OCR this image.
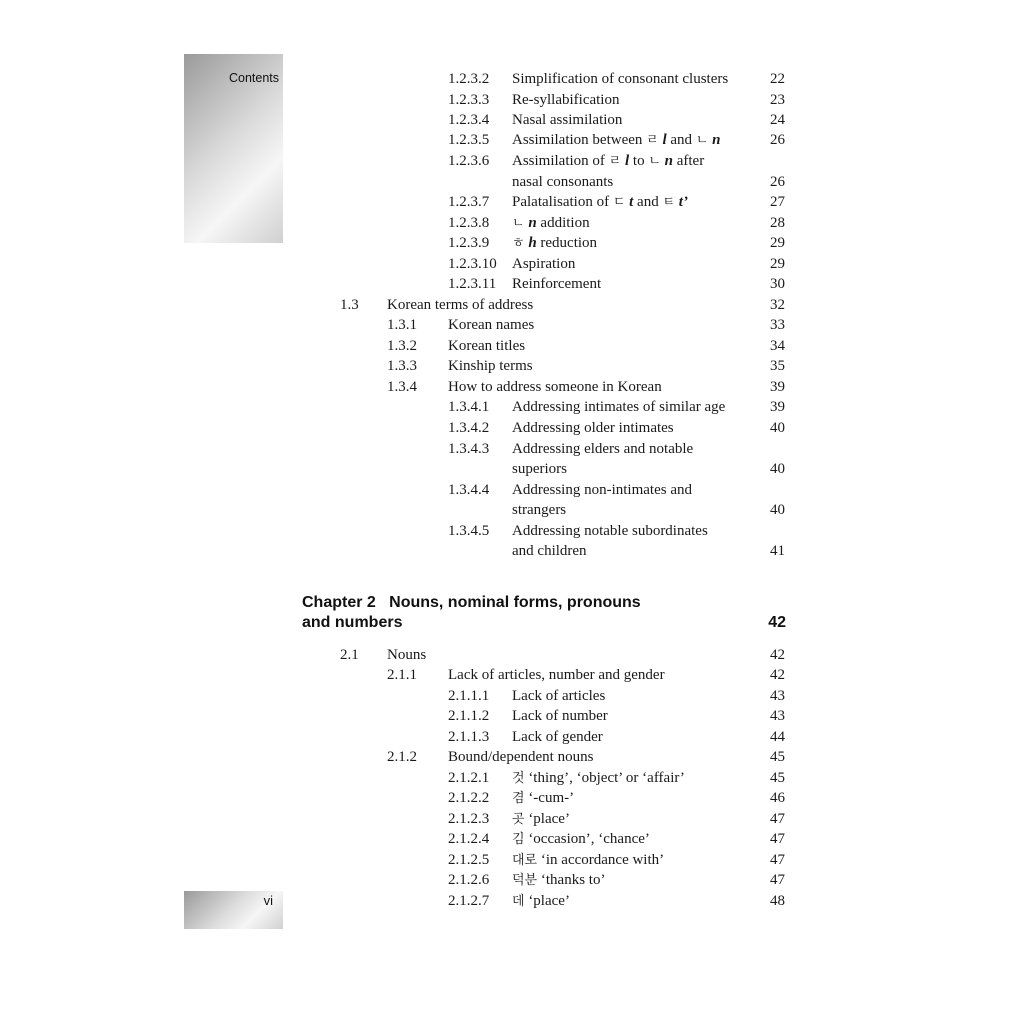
Contents
vi
1.2.3.2 Simplification of consonant clusters	22
1.2.3.3 Re-syllabification	23
1.2.3.4 Nasal assimilation	24
1.2.3.5 Assimilation between ㄹ l and ㄴ n	26
1.2.3.6 Assimilation of ㄹ l to ㄴ n after
nasal consonants	26
1.2.3.7 Palatalisation of ㄷ t and ㅌ t’	27
1.2.3.8 ㄴ n addition	28
1.2.3.9 ㅎ h reduction	29
1.2.3.10 Aspiration	29
1.2.3.11 Reinforcement	30
1.3 Korean terms of address	32
1.3.1 Korean names	33
1.3.2 Korean titles	34
1.3.3 Kinship terms	35
1.3.4 How to address someone in Korean	39
1.3.4.1 Addressing intimates of similar age	39
1.3.4.2 Addressing older intimates	40
1.3.4.3 Addressing elders and notable
superiors	40
1.3.4.4 Addressing non-intimates and
strangers	40
1.3.4.5 Addressing notable subordinates
and children	41
Chapter 2   Nouns, nominal forms, pronouns
and numbers	42
2.1 Nouns	42
2.1.1 Lack of articles, number and gender	42
2.1.1.1 Lack of articles	43
2.1.1.2 Lack of number	43
2.1.1.3 Lack of gender	44
2.1.2 Bound/dependent nouns	45
2.1.2.1 것 ‘thing’, ‘object’ or ‘affair’	45
2.1.2.2 겸 ‘-cum-’	46
2.1.2.3 곳 ‘place’	47
2.1.2.4 김 ‘occasion’, ‘chance’	47
2.1.2.5 대로 ‘in accordance with’	47
2.1.2.6 덕분 ‘thanks to’	47
2.1.2.7 데 ‘place’	48
